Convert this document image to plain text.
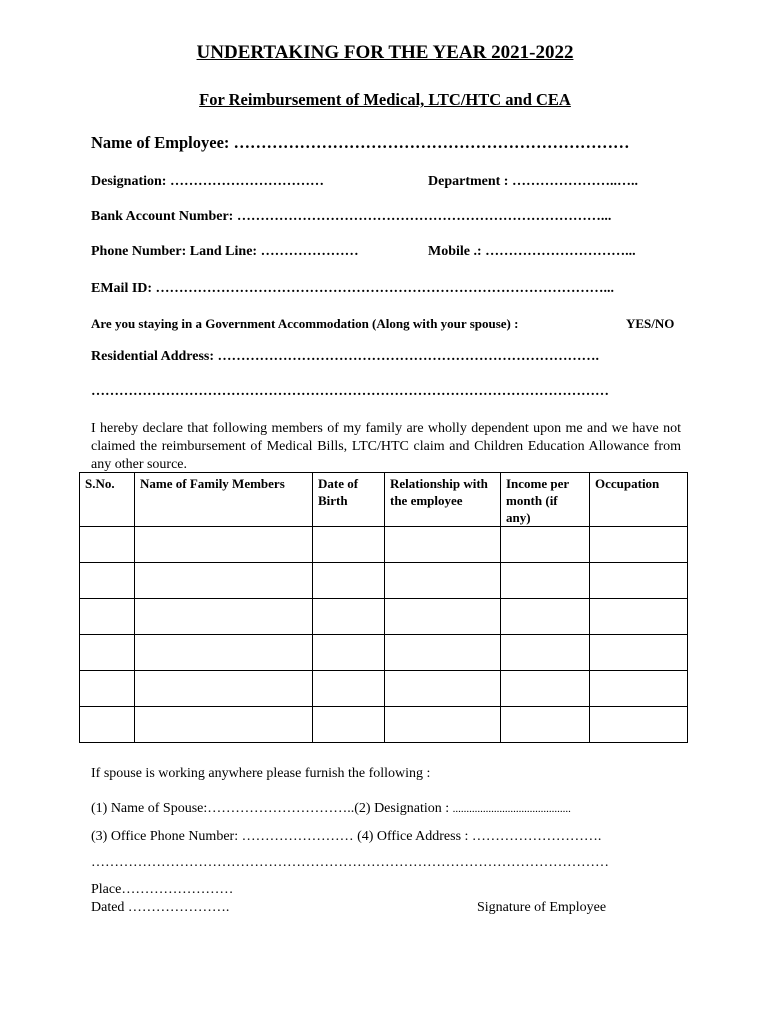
UNDERTAKING FOR THE YEAR 2021-2022
For Reimbursement of Medical, LTC/HTC and CEA
Name of Employee: ………………………………………………………………
Designation: ……………………………	Department : …………………..…..
Bank Account Number: ……………………………………………………………………...
Phone Number: Land Line: …………………	Mobile .: …………………………...
EMail ID: ……………………………………………………………………………………...
Are you staying in a Government Accommodation (Along with your spouse) :	YES/NO
Residential Address: ……………………………………………………………………….
…………………………………………………………………………………………………
I hereby declare that following members of my family are wholly dependent upon me and we have not claimed the reimbursement of Medical Bills, LTC/HTC claim and Children Education Allowance from any other source.
S.No.	Name of Family Members	Date of Birth	Relationship with the employee	Income per month (if any)	Occupation

If spouse is working anywhere please furnish the following :
(1) Name of Spouse:…………………………..(2) Designation : ...........................................
(3) Office Phone Number: …………………… (4) Office Address : ……………………….
…………………………………………………………………………………………………
Place……………………
Dated ………………….	Signature of Employee
